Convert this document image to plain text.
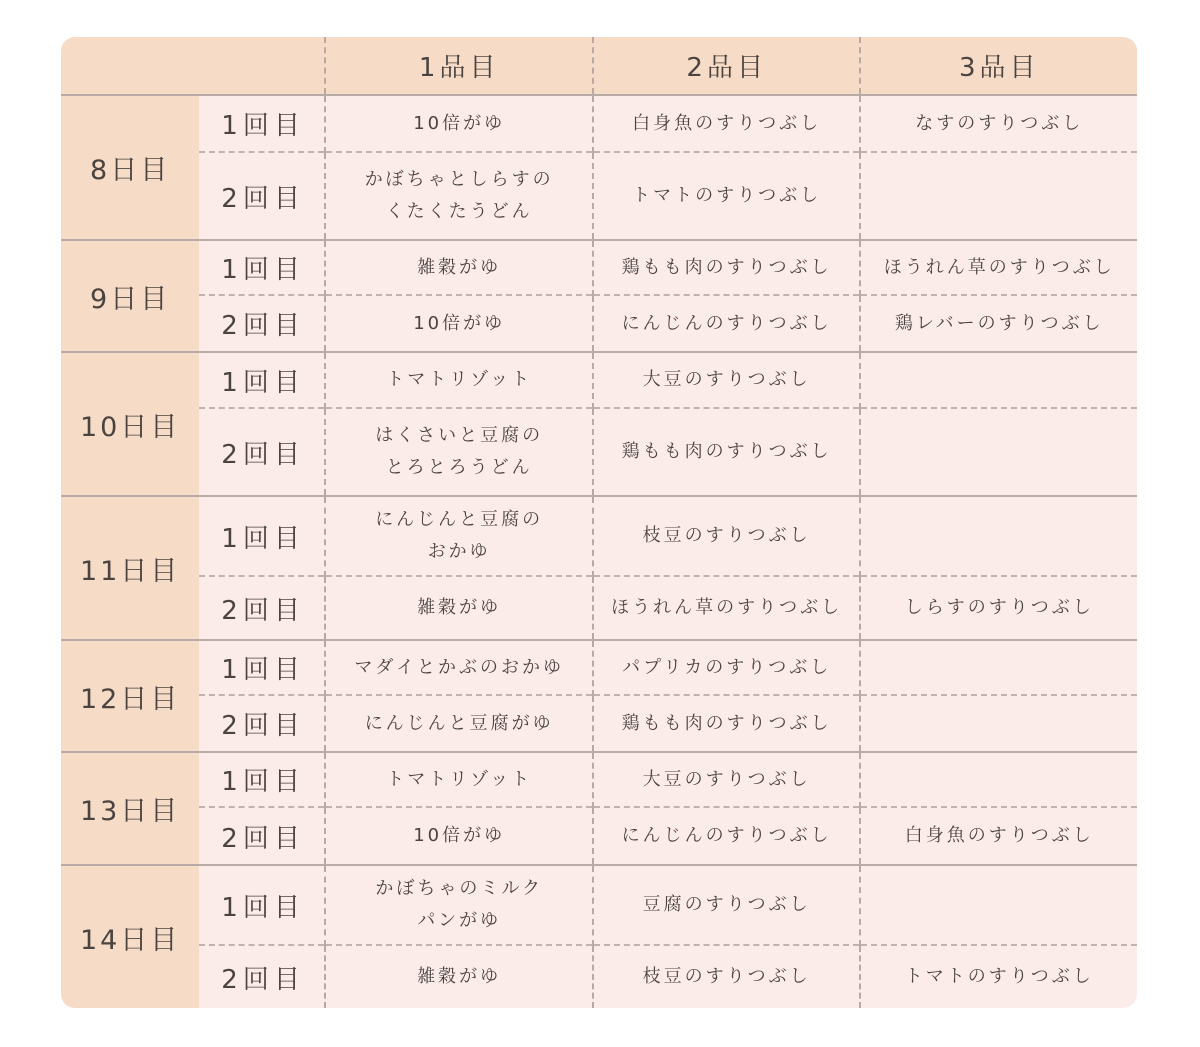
		1品目	2品目	3品目
8日目	1回目	10倍がゆ	白身魚のすりつぶし	なすのすりつぶし

	2回目	かぼちゃとしらすの
くたくたうどん	トマトのすりつぶし	

9日目	1回目	雑穀がゆ	鶏もも肉のすりつぶし	ほうれん草のすりつぶし

	2回目	10倍がゆ	にんじんのすりつぶし	鶏レバーのすりつぶし

10日目	1回目	トマトリゾット	大豆のすりつぶし	

	2回目	はくさいと豆腐の
とろとろうどん	鶏もも肉のすりつぶし	

11日目	1回目	にんじんと豆腐の
おかゆ	枝豆のすりつぶし	

	2回目	雑穀がゆ	ほうれん草のすりつぶし	しらすのすりつぶし

12日目	1回目	マダイとかぶのおかゆ	パプリカのすりつぶし	

	2回目	にんじんと豆腐がゆ	鶏もも肉のすりつぶし	

13日目	1回目	トマトリゾット	大豆のすりつぶし	

	2回目	10倍がゆ	にんじんのすりつぶし	白身魚のすりつぶし

14日目	1回目	かぼちゃのミルク
パンがゆ	豆腐のすりつぶし	

	2回目	雑穀がゆ	枝豆のすりつぶし	トマトのすりつぶし
